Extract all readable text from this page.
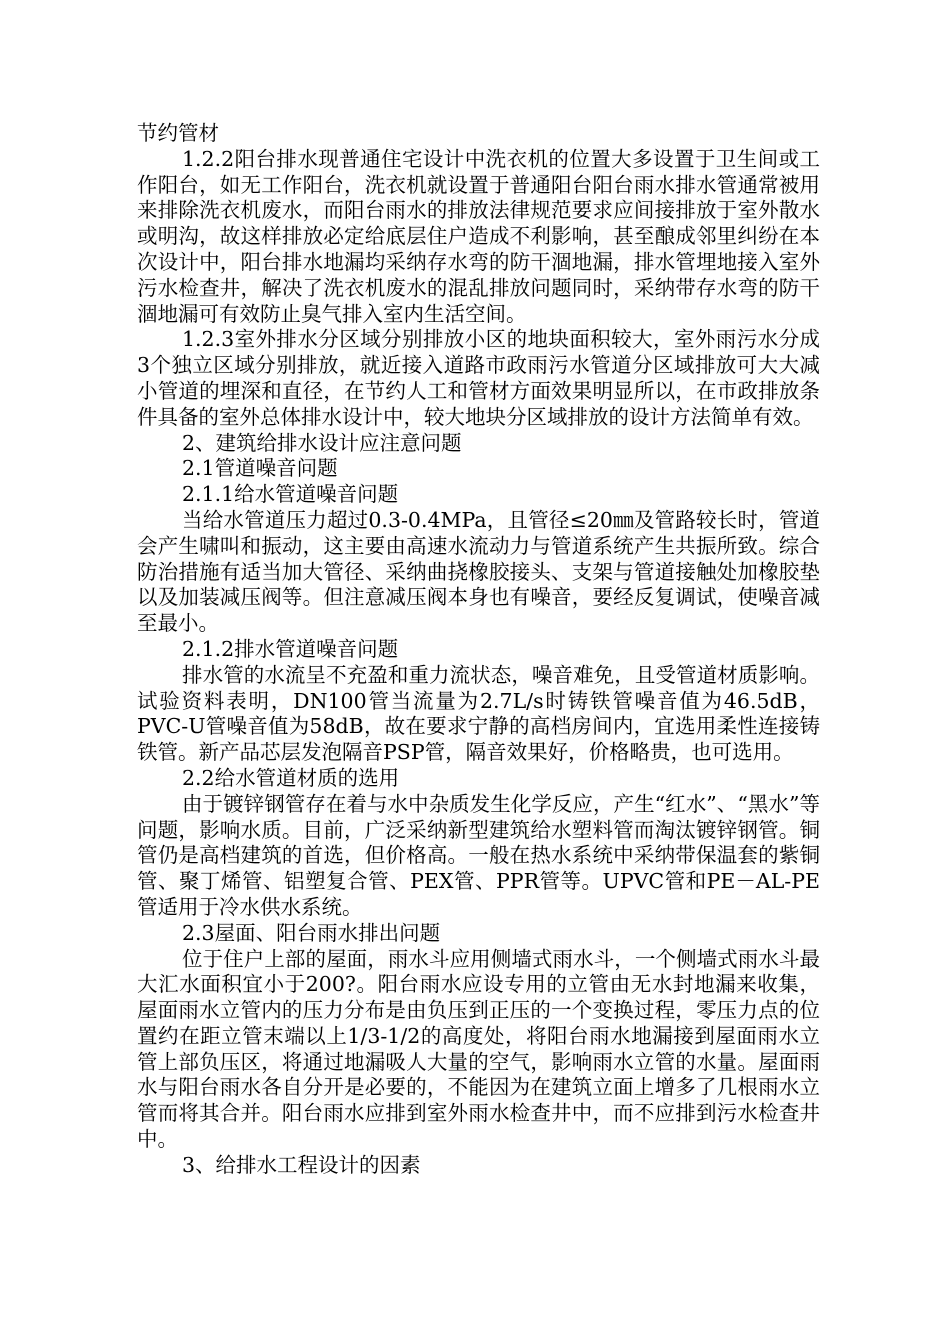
节约管材

1.2.2阳台排水现普通住宅设计中洗衣机的位置大多设置于卫生间或工作阳台，如无工作阳台，洗衣机就设置于普通阳台阳台雨水排水管通常被用来排除洗衣机废水，而阳台雨水的排放法律规范要求应间接排放于室外散水或明沟，故这样排放必定给底层住户造成不利影响，甚至酿成邻里纠纷在本次设计中，阳台排水地漏均采纳存水弯的防干涸地漏，排水管埋地接入室外污水检查井，解决了洗衣机废水的混乱排放问题同时，采纳带存水弯的防干涸地漏可有效防止臭气排入室内生活空间。

1.2.3室外排水分区域分别排放小区的地块面积较大，室外雨污水分成3个独立区域分别排放，就近接入道路市政雨污水管道分区域排放可大大减小管道的埋深和直径，在节约人工和管材方面效果明显所以，在市政排放条件具备的室外总体排水设计中，较大地块分区域排放的设计方法简单有效。

2、建筑给排水设计应注意问题

2.1管道噪音问题

2.1.1给水管道噪音问题

当给水管道压力超过0.3-0.4MPa，且管径≤20㎜及管路较长时，管道会产生啸叫和振动，这主要由高速水流动力与管道系统产生共振所致。综合防治措施有适当加大管径、采纳曲挠橡胶接头、支架与管道接触处加橡胶垫以及加装减压阀等。但注意减压阀本身也有噪音，要经反复调试，使噪音减至最小。

2.1.2排水管道噪音问题

排水管的水流呈不充盈和重力流状态，噪音难免，且受管道材质影响。试验资料表明，DN100管当流量为2.7L/s时铸铁管噪音值为46.5dB，PVC-U管噪音值为58dB，故在要求宁静的高档房间内，宜选用柔性连接铸铁管。新产品芯层发泡隔音PSP管，隔音效果好，价格略贵，也可选用。

2.2给水管道材质的选用

由于镀锌钢管存在着与水中杂质发生化学反应，产生“红水”、“黑水”等问题，影响水质。目前，广泛采纳新型建筑给水塑料管而淘汰镀锌钢管。铜管仍是高档建筑的首选，但价格高。一般在热水系统中采纳带保温套的紫铜管、聚丁烯管、铝塑复合管、PEX管、PPR管等。UPVC管和PE－AL-PE管适用于冷水供水系统。

2.3屋面、阳台雨水排出问题

位于住户上部的屋面，雨水斗应用侧墙式雨水斗，一个侧墙式雨水斗最大汇水面积宜小于200?。阳台雨水应设专用的立管由无水封地漏来收集，屋面雨水立管内的压力分布是由负压到正压的一个变换过程，零压力点的位置约在距立管末端以上1/3-1/2的高度处，将阳台雨水地漏接到屋面雨水立管上部负压区，将通过地漏吸人大量的空气，影响雨水立管的水量。屋面雨水与阳台雨水各自分开是必要的，不能因为在建筑立面上增多了几根雨水立管而将其合并。阳台雨水应排到室外雨水检查井中，而不应排到污水检查井中。

3、给排水工程设计的因素
